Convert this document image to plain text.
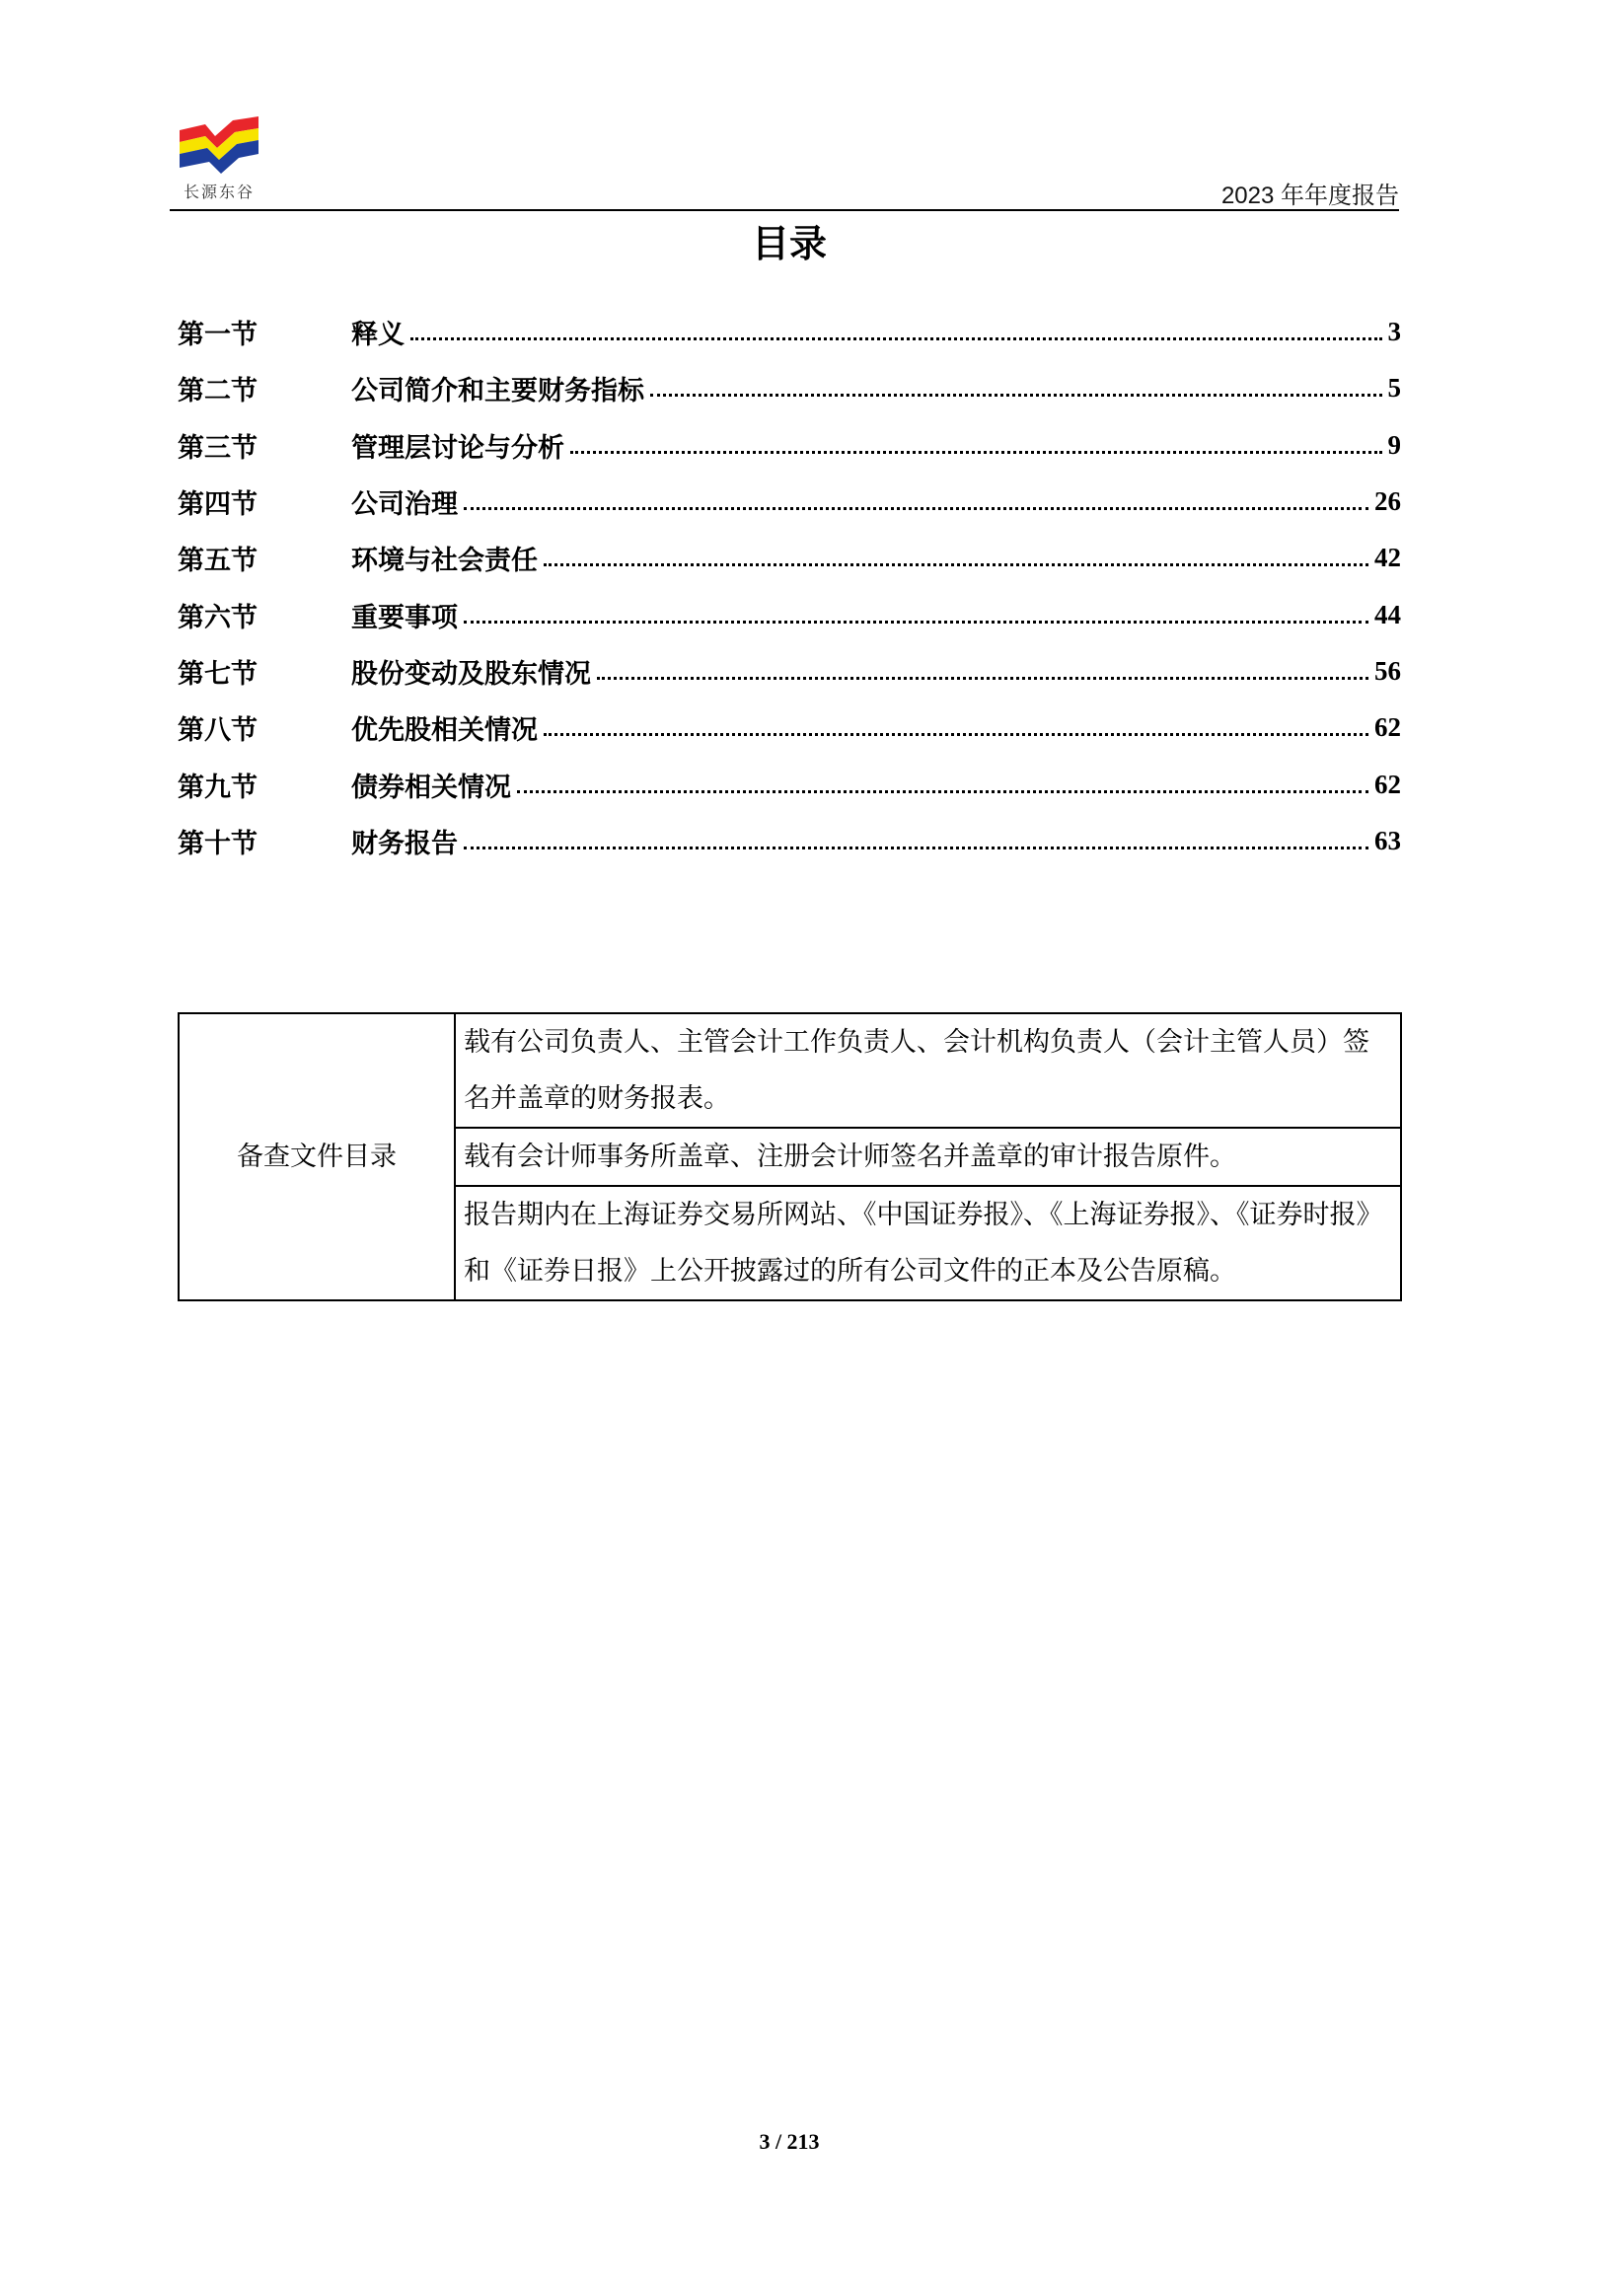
长源东谷	2023 年年度报告
目录
第一节	释义	3
第二节	公司简介和主要财务指标	5
第三节	管理层讨论与分析	9
第四节	公司治理	26
第五节	环境与社会责任	42
第六节	重要事项	44
第七节	股份变动及股东情况	56
第八节	优先股相关情况	62
第九节	债券相关情况	62
第十节	财务报告	63
备查文件目录	载有公司负责人、主管会计工作负责人、会计机构负责人（会计主管人员）签名并盖章的财务报表。
载有会计师事务所盖章、注册会计师签名并盖章的审计报告原件。
报告期内在上海证券交易所网站、《中国证券报》、《上海证券报》、《证券时报》和《证券日报》上公开披露过的所有公司文件的正本及公告原稿。
3 / 213
